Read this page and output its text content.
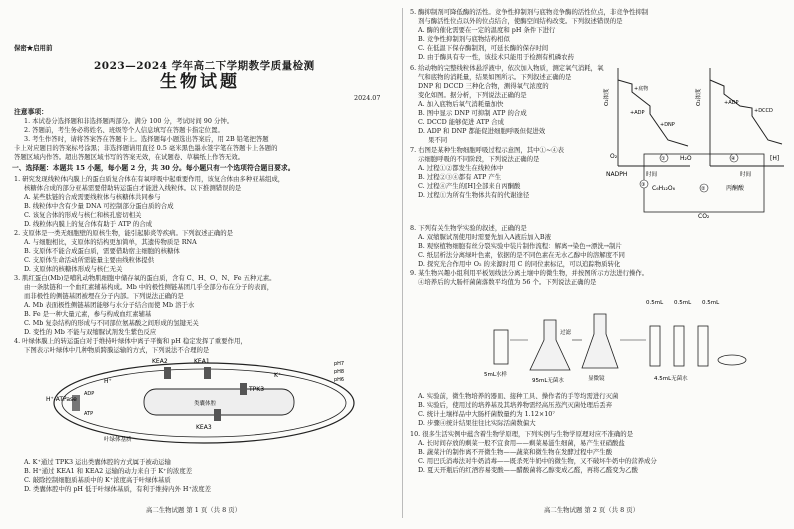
保密★启用前
2023—2024 学年高二下学期教学质量检测
生物试题
2024.07
注意事项：
1. 本试卷分选择题和非选择题两部分。满分 100 分，考试时间 90 分钟。
2. 答题前，考生务必将姓名、班级等个人信息填写在答题卡指定位置。
3. 考生作答时，请将答案答在答题卡上。选择题每小题选出答案后，用 2B 铅笔把答题
卡上对应题目的答案标号涂黑；非选择题请用直径 0.5 毫米黑色墨水签字笔在答题卡上各题的
答题区域内作答。超出答题区域书写的答案无效，在试题卷、草稿纸上作答无效。
一、选择题：本题共 15 小题，每小题 2 分，共 30 分。每小题只有一个选项符合题目要求。
1. 研究发现线粒体内膜上的蛋白质复合体在有氧呼吸中起重要作用，该复合体由多种亚基组成，
核糖体合成的部分亚基需要借助转运蛋白才能进入线粒体。以下推测错误的是
A. 某些肽链的合成需要线粒体与核糖体共同参与
B. 线粒体中含有少量 DNA 可控制部分蛋白质的合成
C. 该复合体的形成与核仁和核孔密切相关
D. 线粒体内膜上的复合体有助于 ATP 的合成
2. 支原体是一类无细胞壁的原核生物，能引起肺炎等疾病。下列叙述正确的是
A. 与细胞相比，支原体的结构更加简单，其遗传物质是 RNA
B. 支原体不能合成蛋白质，需要借助宿主细胞的核糖体
C. 支原体生命活动所需能量主要由线粒体提供
D. 支原体的核糖体形成与核仁无关
3. 肌红蛋白(Mb)是哺乳动物肌细胞中储存氧的蛋白质，含有 C、H、O、N、Fe 五种元素。
由一条肽链和一个血红素辅基构成。Mb 中的极性侧链基团几乎全部分布在分子的表面，
而非极性的侧链基团被埋在分子内部。下列说法正确的是
A. Mb 表面极性侧链基团能够与水分子结合而使 Mb 溶于水
B. Fe 是一种大量元素，参与构成血红素辅基
C. Mb 复杂结构的形成与不同部位氨基酸之间形成的氢键无关
D. 变性的 Mb 不能与双缩脲试剂发生紫色反应
4. 叶绿体膜上的转运蛋白对于维持叶绿体中离子平衡和 pH 稳定发挥了重要作用，
下图表示叶绿体中几种物质跨膜运输的方式，下列说法不合理的是
H⁺-ATPase
KEA2	KEA1
KEA3
TPK3
ADP
ATP
H⁺
K⁺
pH7
pH8
pH6
叶绿体基质
类囊体腔
A. K⁺通过 TPK3 运出类囊体腔的方式属于被动运输
B. H⁺通过 KEA1 和 KEA2 运输的动力来自于 K⁺的浓度差
C. 敲除控制细胞质基质中的 K⁺浓度高于叶绿体基质
D. 类囊体腔中的 pH 低于叶绿体基质，有利于维持内外 H⁺浓度差
高二生物试题 第 1 页（共 8 页）
5. 酶抑制剂可降低酶的活性。竞争性抑制剂与底物竞争酶的活性位点，非竞争性抑制
剂与酶活性位点以外的位点结合，使酶空间结构改变。下列叙述错误的是
A. 酶的催化需要在一定的温度和 pH 条件下进行
B. 竞争性抑制剂与底物结构相似
C. 在低温下保存酶制剂，可延长酶的保存时间
D. 由于酶具有专一性，该技术只能用于检测有机磷农药
6. 给动物的完整线粒体悬浮液中，依次加入物质，测定氧气消耗，氧
气和底物的消耗量，结果如图所示。下列叙述正确的是
DNP 和 DCCD 三种化合物，测得氧气浓度的
变化如图。据分析，下列说法正确的是
A. 加入底物后氧气消耗量加快
B. 图中显示 DNP 可抑制 ATP 的合成
C. DCCD 能够促进 ATP 合成
D. ADP 和 DNP 都能促进细胞呼吸但促进效
果不同
O₂浓度	O₂浓度
时间	时间
+底物
+ADP
+DNP
+DCCD
+ADP
7. 右图是某种生物细胞呼吸过程示意图，其中①~④表
示细胞呼吸的不同阶段，下列说法正确的是
A. 过程①②都发生在线粒体中
B. 过程②③④都有 ATP 产生
C. 过程④产生的[H]全部来自丙酮酸
D. 过程①为所有生物体共有的代谢途径
O₂	H₂O	[H]
NADPH
C₆H₁₂O₆	丙酮酸
CO₂
①
②
③
④
8. 下列有关生物学实验的叙述，正确的是
A. 双缩脲试剂使用时需要先加入A液后加入B液
B. 观察植物细胞有丝分裂实验中装片制作流程：解离→染色→漂洗→制片
C. 纸层析法分离绿叶色素，依据的是不同色素在无水乙醇中的溶解度不同
D. 探究光合作用中 O₂ 的来源时用 C 的同位素标记，可以追踪物质转化
9. 某生物兴趣小组利用平板划线法分离土壤中的微生物，并按图所示方法进行操作。
④培养后的大肠杆菌菌落数平均值为 56 个。下列说法正确的是
5mL水样
95mL无菌水
过滤
显微镜	4.5mL无菌水
0.5mL 0.5mL 0.5mL
A. 实验前，微生物培养的器皿、接种工具、操作者的手等均需进行灭菌
B. 实验后，使用过的培养基及其培养物需经高压蒸汽灭菌处理后丢弃
C. 统计土壤样品中大肠杆菌数量约为 1.12×10⁷
D. 步骤④统计结果往往比实际活菌数偏大
10. 很多生活实例中蕴含着生物学原理，下列实例与生物学原理对应不准确的是
A. 长时间存放的剩菜一般不宜食用——剩菜易滋生细菌，易产生亚硝酸盐
B. 蔬菜汁的制作离不开微生物——蔬菜和微生物在发酵过程中产生酸
C. 用巴氏消毒法对牛奶消毒——既杀死牛奶中的微生物，又不破坏牛奶中的营养成分
D. 夏天开瓶后的红酒容易变酸——醋酸菌将乙醇变成乙醛，再将乙醛变为乙酸
高二生物试题 第 2 页（共 8 页）
